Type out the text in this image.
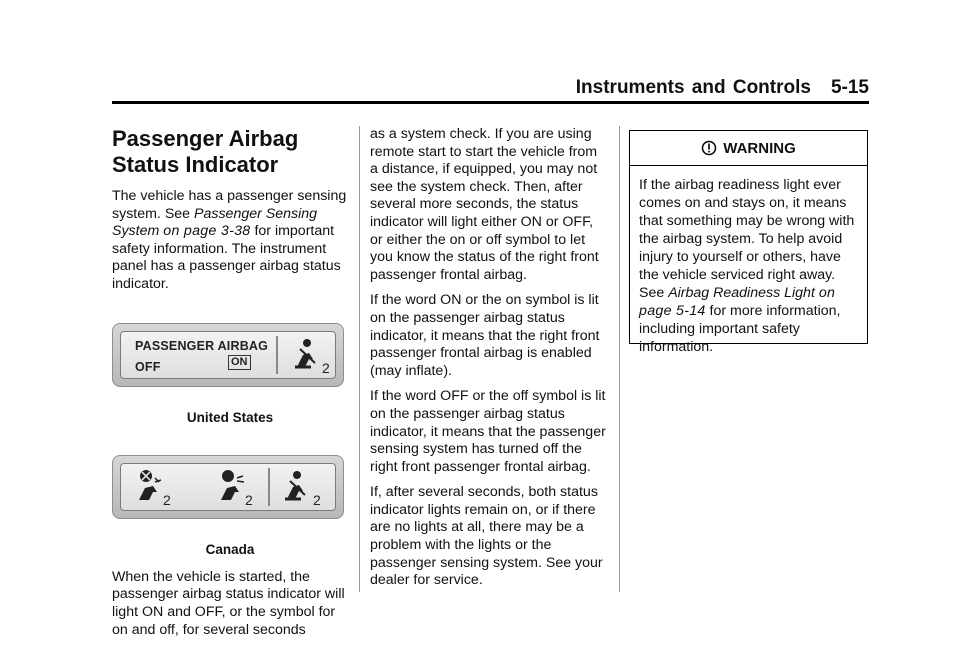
Instruments and Controls 5-15
Passenger Airbag Status Indicator

The vehicle has a passenger sensing system. See Passenger Sensing System on page 3-38 for important safety information. The instrument panel has a passenger airbag status indicator.

PASSENGER AIRBAG
OFF	ON	2
United States
2	2	2
Canada

When the vehicle is started, the passenger airbag status indicator will light ON and OFF, or the symbol for on and off, for several seconds

as a system check. If you are using remote start to start the vehicle from a distance, if equipped, you may not see the system check. Then, after several more seconds, the status indicator will light either ON or OFF, or either the on or off symbol to let you know the status of the right front passenger frontal airbag.

If the word ON or the on symbol is lit on the passenger airbag status indicator, it means that the right front passenger frontal airbag is enabled (may inflate).

If the word OFF or the off symbol is lit on the passenger airbag status indicator, it means that the passenger sensing system has turned off the right front passenger frontal airbag.

If, after several seconds, both status indicator lights remain on, or if there are no lights at all, there may be a problem with the lights or the passenger sensing system. See your dealer for service.

WARNING
If the airbag readiness light ever comes on and stays on, it means that something may be wrong with the airbag system. To help avoid injury to yourself or others, have the vehicle serviced right away. See Airbag Readiness Light on page 5-14 for more information, including important safety information.
